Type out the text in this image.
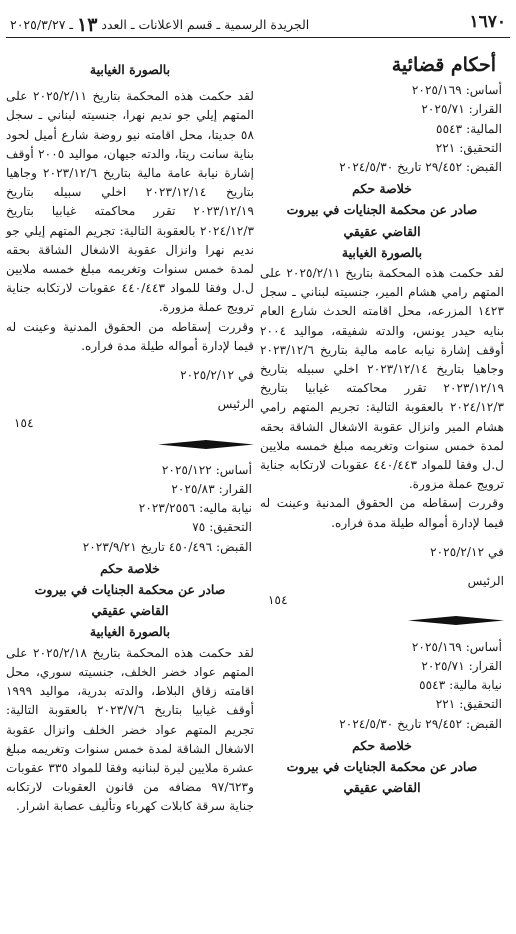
١٦٧٠
الجريدة الرسمية ـ قسم الاعلانات ـ العدد ١٣ ـ ٢٠٢٥/٣/٢٧
أحكام قضائية
أساس: ٢٠٢٥/١٦٩
القرار: ٢٠٢٥/٧١
المالية: ٥٥٤٣
التحقيق: ٢٢١
القبض: ٢٩/٤٥٢ تاريخ ٢٠٢٤/٥/٣٠
خلاصة حكم
صادر عن محكمة الجنايات في بيروت
القاضي عقيقي
بالصورة الغيابية

لقد حكمت هذه المحكمة بتاريخ ٢٠٢٥/٢/١١ على المتهم رامي هشام المير، جنسيته لبناني ـ سجل ١٤٢٣ المزرعه، محل اقامته الحدث شارع العام بنايه حيدر يونس، والدته شفيقه، مواليد ٢٠٠٤ أوقف إشارة نيابه عامه مالية بتاريخ ٢٠٢٣/١٢/٦ وجاهيا بتاريخ ٢٠٢٣/١٢/١٤ اخلي سبيله بتاريخ ٢٠٢٣/١٢/١٩ تقرر محاكمته غيابيا بتاريخ ٢٠٢٤/١٢/٣ بالعقوبة التالية: تجريم المتهم رامي هشام المير وانزال عقوبة الاشغال الشاقة بحقه لمدة خمس سنوات وتغريمه مبلغ خمسه ملايين ل.ل وفقا للمواد ٤٤٠/٤٤٣ عقوبات لارتكابه جناية ترويج عملة مزورة.

وقررت إسقاطه من الحقوق المدنية وعينت له قيما لإدارة أمواله طيلة مدة فراره.

في ٢٠٢٥/٢/١٢
الرئيس
١٥٤
أساس: ٢٠٢٥/١٦٩
القرار: ٢٠٢٥/٧١
نيابة مالية: ٥٥٤٣
التحقيق: ٢٢١
القبض: ٢٩/٤٥٢ تاريخ ٢٠٢٤/٥/٣٠
خلاصة حكم
صادر عن محكمة الجنايات في بيروت
القاضي عقيقي
بالصورة الغيابية

لقد حكمت هذه المحكمة بتاريخ ٢٠٢٥/٢/١١ على المتهم إيلي جو نديم نهرا، جنسيته لبناني ـ سجل ٥٨ جديتا، محل اقامته نيو روضة شارع أميل لحود بناية سانت ريتا، والدته جيهان، مواليد ٢٠٠٥ أوقف إشارة نيابة عامة مالية بتاريخ ٢٠٢٣/١٢/٦ وجاهيا بتاريخ ٢٠٢٣/١٢/١٤ اخلي سبيله بتاريخ ٢٠٢٣/١٢/١٩ تقرر محاكمته غيابيا بتاريخ ٢٠٢٤/١٢/٣ بالعقوبة التالية: تجريم المتهم إيلي جو نديم نهرا وانزال عقوبة الاشغال الشاقة بحقه لمدة خمس سنوات وتغريمه مبلغ خمسه ملايين ل.ل وفقا للمواد ٤٤٠/٤٤٣ عقوبات لارتكابه جناية ترويج عملة مزورة.

وقررت إسقاطه من الحقوق المدنية وعينت له قيما لإدارة أمواله طيلة مدة فراره.

في ٢٠٢٥/٢/١٢
الرئيس
١٥٤
أساس: ٢٠٢٥/١٢٢
القرار: ٢٠٢٥/٨٣
نيابة ماليه: ٢٠٢٣/٢٥٥٦
التحقيق: ٧٥
القبض: ٤٥٠/٤٩٦ تاريخ ٢٠٢٣/٩/٢١
خلاصة حكم
صادر عن محكمة الجنايات في بيروت
القاضي عقيقي
بالصورة الغيابية

لقد حكمت هذه المحكمة بتاريخ ٢٠٢٥/٢/١٨ على المتهم عواد خضر الخلف، جنسيته سوري، محل اقامته زقاق البلاط، والدته بدرية، مواليد ١٩٩٩ أوقف غيابيا بتاريخ ٢٠٢٣/٧/٦ بالعقوبة التالية: تجريم المتهم عواد خضر الخلف وانزال عقوبة الاشغال الشاقة لمدة خمس سنوات وتغريمه مبلغ عشرة ملايين ليرة لبنانيه وفقا للمواد ٣٣٥ عقوبات و٩٧/٦٢٣ مضافه من قانون العقوبات لارتكابه جناية سرقة كابلات كهرباء وتأليف عصابة اشرار.
